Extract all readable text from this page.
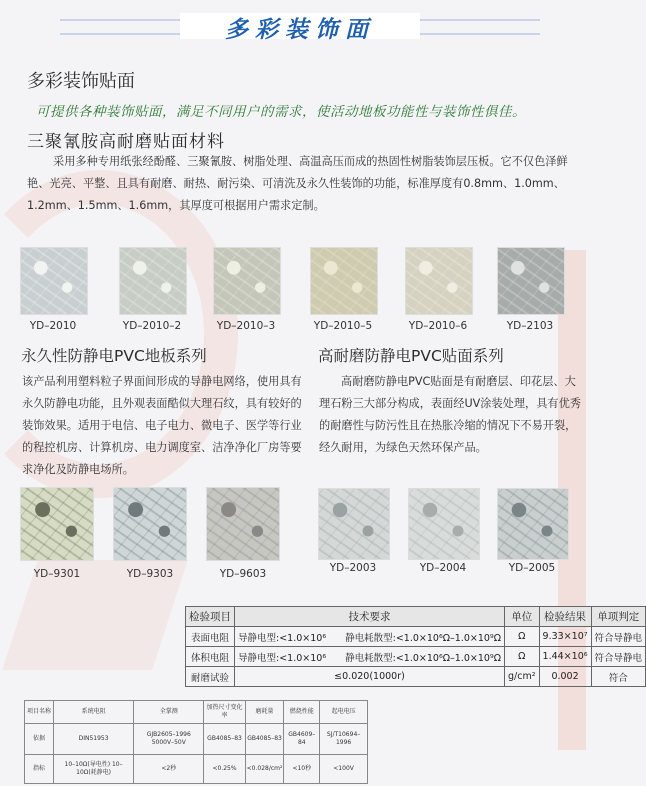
多彩装饰面
多彩装饰贴面
可提供各种装饰贴面，满足不同用户的需求，使活动地板功能性与装饰性俱佳。
三聚氰胺高耐磨贴面材料
采用多种专用纸张经酚醛、三聚氰胺、树脂处理、高温高压而成的热固性树脂装饰层压板。它不仅色泽鲜艳、光亮、平整、且具有耐磨、耐热、耐污染、可清洗及永久性装饰的功能，标准厚度有0.8mm、1.0mm、1.2mm、1.5mm、1.6mm，其厚度可根据用户需求定制。
YD–2010	YD–2010–2	YD–2010–3	YD–2010–5	YD–2010–6	YD–2103
永久性防静电PVC地板系列	高耐磨防静电PVC贴面系列
该产品利用塑料粒子界面间形成的导静电网络，使用具有永久防静电功能，且外观表面酷似大理石纹，具有较好的装饰效果。适用于电信、电子电力、微电子、医学等行业的程控机房、计算机房、电力调度室、洁净净化厂房等要求净化及防静电场所。
高耐磨防静电PVC贴面是有耐磨层、印花层、大理石粉三大部分构成，表面经UV涂装处理，具有优秀的耐磨性与防污性且在热胀冷缩的情况下不易开裂，经久耐用，为绿色天然环保产品。
YD–9301	YD–9303	YD–9603	YD–2003	YD–2004	YD–2005
检验项目	技术要求	单位	检验结果	单项判定
表面电阻	导静电型:<1.0×10⁶　　静电耗散型:<1.0×10⁶Ω–1.0×10⁹Ω	Ω	9.33×10⁷	符合导静电
体积电阻	导静电型:<1.0×10⁶　　静电耗散型:<1.0×10⁶Ω–1.0×10⁹Ω	Ω	1.44×10⁶	符合导静电
耐磨试验	≤0.020(1000r)	g/cm²	0.002	符合
项目名称	系统电阻	全掌测	加热尺寸变化率	磨耗量	燃烧性能	起电电压
依据	DIN51953	GJB2605–1996 5000V–50V	GB4085–83	GB4085–83	GB4609–84	SJ/T10694–1996
指标	10–10Ω(导电性) 10–10Ω(耗静电)	<2秒	<0.25%	<0.028/cm²	<10秒	<100V
